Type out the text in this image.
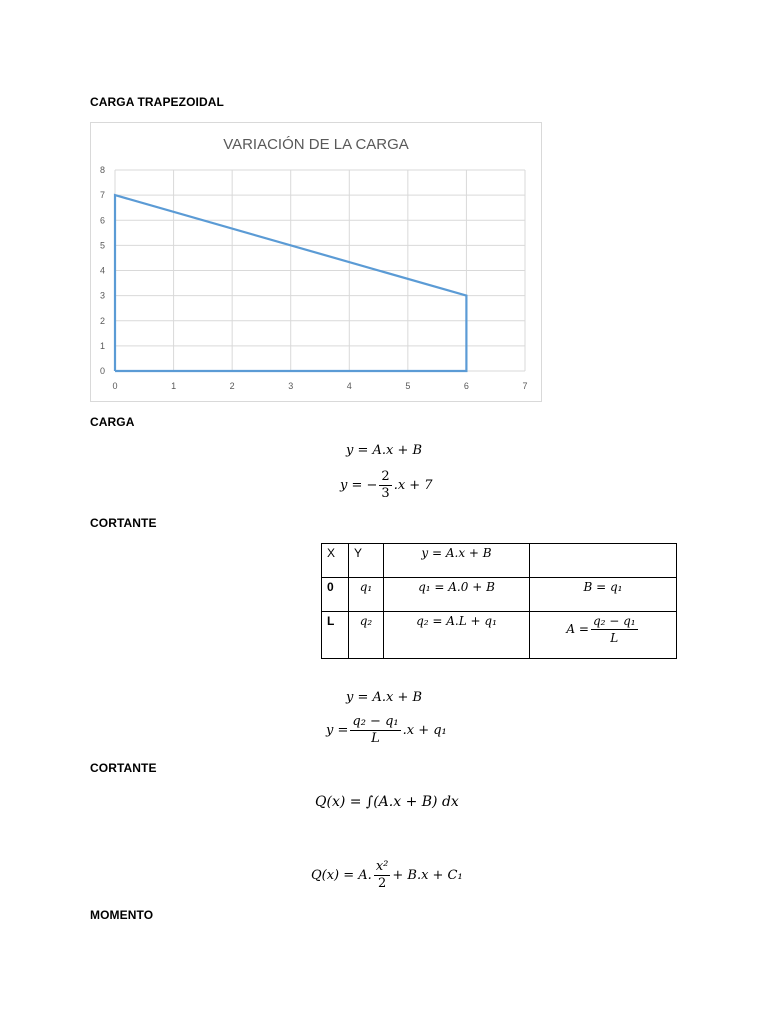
CARGA TRAPEZOIDAL
VARIACIÓN DE LA CARGA
0
1
2
3
4
5
6
7
8
0	1	2	3	4	5	6	7
CARGA
y = A.x + B
y = − $\frac{2}{3} .x + 7$
CORTANTE
X	Y	y = A.x + B	
0	q₁	q₁ = A.0 + B	B = q₁
L	q₂	q₂ = A.L + q₁	$A = \frac{\text{q₂ − q₁}}{L}$
y = A.x + B
$y = \frac{\text{q₂ − q₁}}{L} .x + q_1$
CORTANTE
Q(x) = ∫(A.x + B) dx
Q(x) = A. $\frac{\text{x²}}{2} + B.x + C_1$
MOMENTO
